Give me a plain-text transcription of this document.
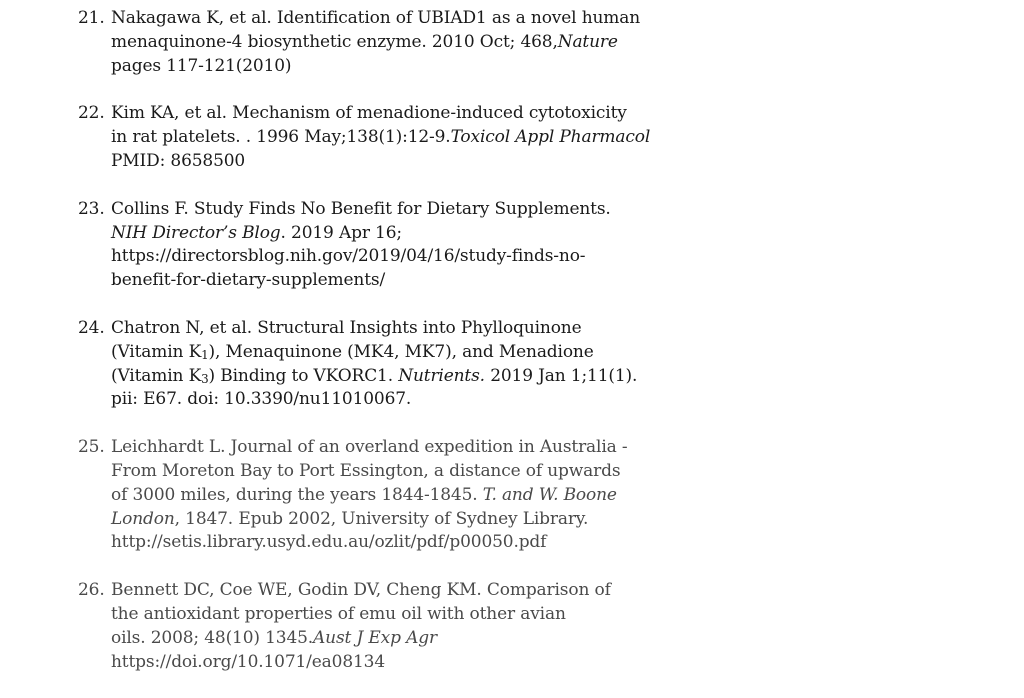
21. Nakagawa K, et al. Identification of UBIAD1 as a novel human
menaquinone-4 biosynthetic enzyme. 2010 Oct; 468,Nature
pages 117-121(2010)
22. Kim KA, et al. Mechanism of menadione-induced cytotoxicity
in rat platelets. . 1996 May;138(1):12-9.Toxicol Appl Pharmacol
PMID: 8658500
23. Collins F. Study Finds No Benefit for Dietary Supplements.
NIH Director’s Blog. 2019 Apr 16;
https://directorsblog.nih.gov/2019/04/16/study-finds-no-
benefit-for-dietary-supplements/
24. Chatron N, et al. Structural Insights into Phylloquinone
(Vitamin $K_1$), Menaquinone (MK4, MK7), and Menadione
(Vitamin $K_3$) Binding to VKORC1. Nutrients. 2019 Jan 1;11(1).
pii: E67. doi: 10.3390/nu11010067.
25. Leichhardt L. Journal of an overland expedition in Australia -
From Moreton Bay to Port Essington, a distance of upwards
of 3000 miles, during the years 1844-1845. T. and W. Boone
London, 1847. Epub 2002, University of Sydney Library.
http://setis.library.usyd.edu.au/ozlit/pdf/p00050.pdf
26. Bennett DC, Coe WE, Godin DV, Cheng KM. Comparison of
the antioxidant properties of emu oil with other avian
oils. 2008; 48(10) 1345.Aust J Exp Agr
https://doi.org/10.1071/ea08134
